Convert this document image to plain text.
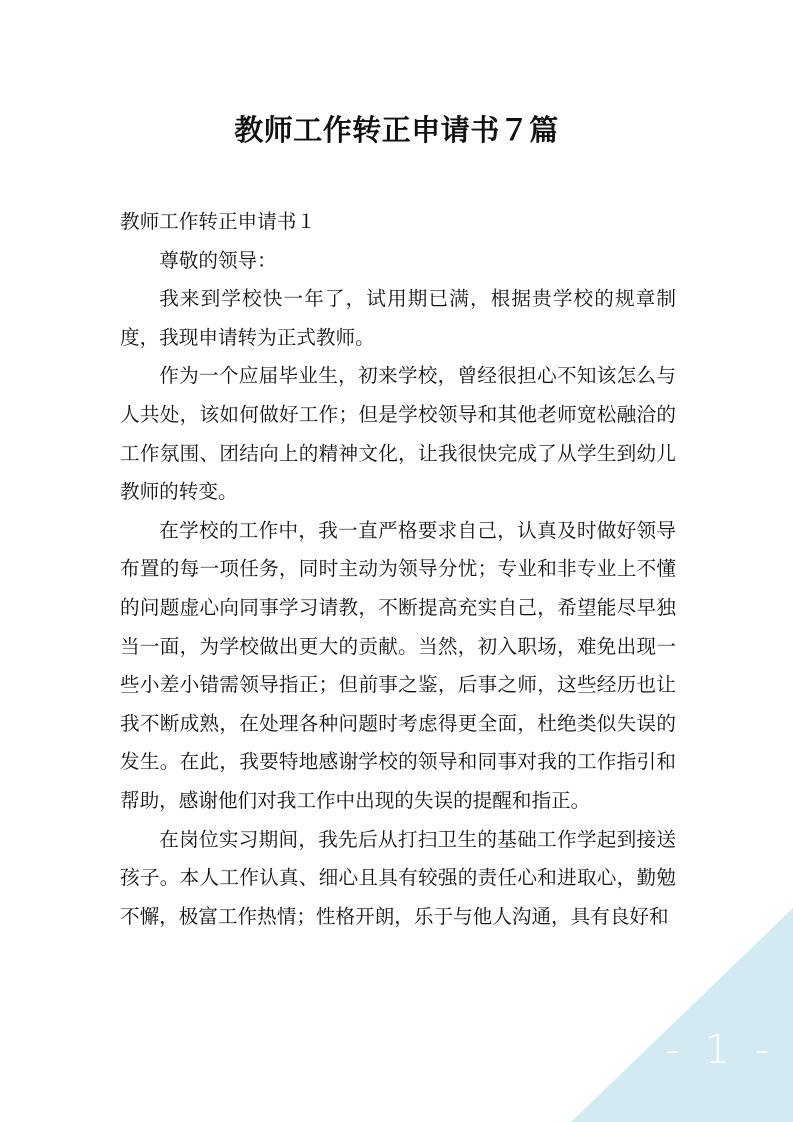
教师工作转正申请书７篇

教师工作转正申请书１

尊敬的领导：

我来到学校快一年了，试用期已满，根据贵学校的规章制度，我现申请转为正式教师。

作为一个应届毕业生，初来学校，曾经很担心不知该怎么与人共处，该如何做好工作；但是学校领导和其他老师宽松融洽的工作氛围、团结向上的精神文化，让我很快完成了从学生到幼儿教师的转变。

在学校的工作中，我一直严格要求自己，认真及时做好领导布置的每一项任务，同时主动为领导分忧；专业和非专业上不懂的问题虚心向同事学习请教，不断提高充实自己，希望能尽早独当一面，为学校做出更大的贡献。当然，初入职场，难免出现一些小差小错需领导指正；但前事之鉴，后事之师，这些经历也让我不断成熟，在处理各种问题时考虑得更全面，杜绝类似失误的发生。在此，我要特地感谢学校的领导和同事对我的工作指引和帮助，感谢他们对我工作中出现的失误的提醒和指正。

在岗位实习期间，我先后从打扫卫生的基础工作学起到接送孩子。本人工作认真、细心且具有较强的责任心和进取心，勤勉不懈，极富工作热情；性格开朗，乐于与他人沟通，具有良好和

- 1 -
